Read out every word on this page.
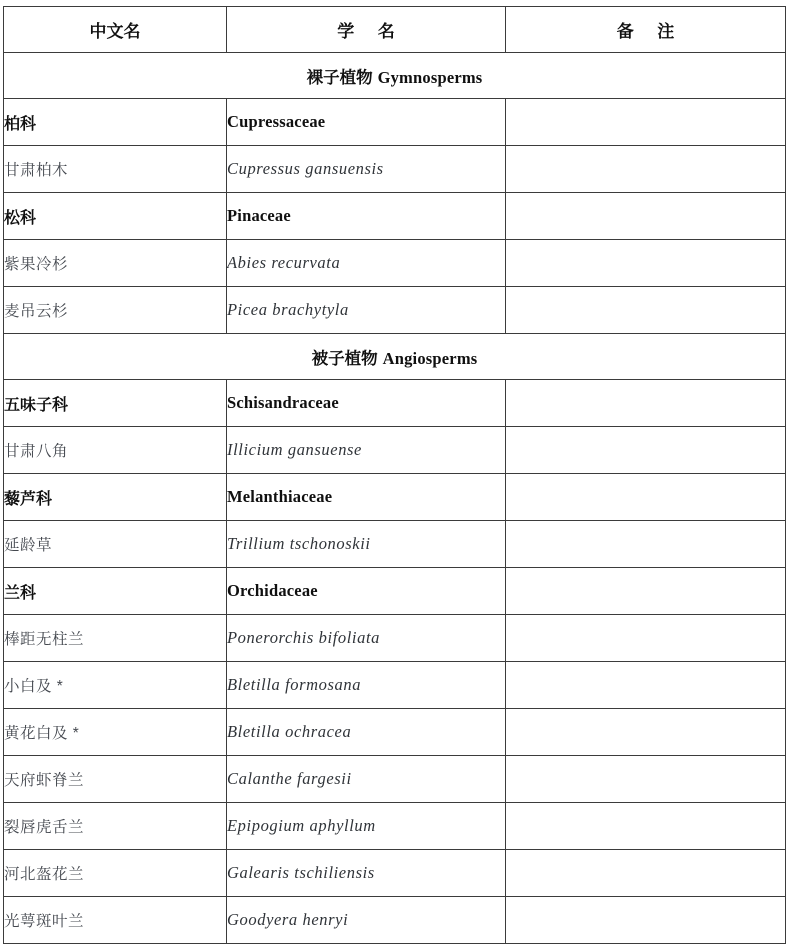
中文名	学 名	备 注
裸子植物 Gymnosperms		
柏科	Cupressaceae	
甘肃柏木	Cupressus gansuensis	
松科	Pinaceae	
紫果冷杉	Abies recurvata	
麦吊云杉	Picea brachytyla	
被子植物 Angiosperms		
五味子科	Schisandraceae	
甘肃八角	Illicium gansuense	
藜芦科	Melanthiaceae	
延龄草	Trillium tschonoskii	
兰科	Orchidaceae	
棒距无柱兰	Ponerorchis bifoliata	
小白及 *	Bletilla formosana	
黄花白及 *	Bletilla ochracea	
天府虾脊兰	Calanthe fargesii	
裂唇虎舌兰	Epipogium aphyllum	
河北盔花兰	Galearis tschiliensis	
光萼斑叶兰	Goodyera henryi	
